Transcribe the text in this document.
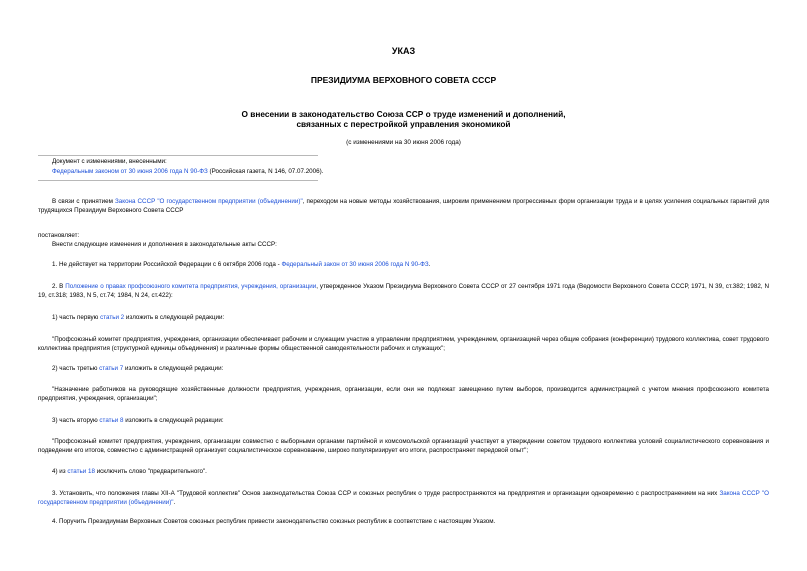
УКАЗ
ПРЕЗИДИУМА ВЕРХОВНОГО СОВЕТА СССР
О внесении в законодательство Союза ССР о труде изменений и дополнений,
связанных с перестройкой управления экономикой
(с изменениями на 30 июня 2006 года)
Документ с изменениями, внесенными:
Федеральным законом от 30 июня 2006 года N 90-ФЗ (Российская газета, N 146, 07.07.2006).
В связи с принятием Закона СССР "О государственном предприятии (объединении)", переходом на новые методы хозяйствования, широким применением прогрессивных форм организации труда и в целях усиления социальных гарантий для трудящихся Президиум Верховного Совета СССР
постановляет:
Внести следующие изменения и дополнения в законодательные акты СССР:
1. Не действует на территории Российской Федерации с 6 октября 2006 года - Федеральный закон от 30 июня 2006 года N 90-ФЗ.
2. В Положение о правах профсоюзного комитета предприятия, учреждения, организации, утвержденное Указом Президиума Верховного Совета СССР от 27 сентября 1971 года (Ведомости Верховного Совета СССР, 1971, N 39, ст.382; 1982, N 19, ст.318; 1983, N 5, ст.74; 1984, N 24, ст.422):
1) часть первую статьи 2 изложить в следующей редакции:
"Профсоюзный комитет предприятия, учреждения, организации обеспечивает рабочим и служащим участие в управлении предприятием, учреждением, организацией через общие собрания (конференции) трудового коллектива, совет трудового коллектива предприятия (структурной единицы объединения) и различные формы общественной самодеятельности рабочих и служащих";
2) часть третью статьи 7 изложить в следующей редакции:
"Назначение работников на руководящие хозяйственные должности предприятия, учреждения, организации, если они не подлежат замещению путем выборов, производится администрацией с учетом мнения профсоюзного комитета предприятия, учреждения, организации";
3) часть вторую статьи 8 изложить в следующей редакции:
"Профсоюзный комитет предприятия, учреждения, организации совместно с выборными органами партийной и комсомольской организаций участвует в утверждении советом трудового коллектива условий социалистического соревнования и подведении его итогов, совместно с администрацией организует социалистическое соревнование, широко популяризирует его итоги, распространяет передовой опыт";
4) из статьи 18 исключить слово "предварительного".
3. Установить, что положения главы XII-А "Трудовой коллектив" Основ законодательства Союза ССР и союзных республик о труде распространяются на предприятия и организации одновременно с распространением на них Закона СССР "О государственном предприятии (объединении)".
4. Поручить Президиумам Верховных Советов союзных республик привести законодательство союзных республик в соответствие с настоящим Указом.
